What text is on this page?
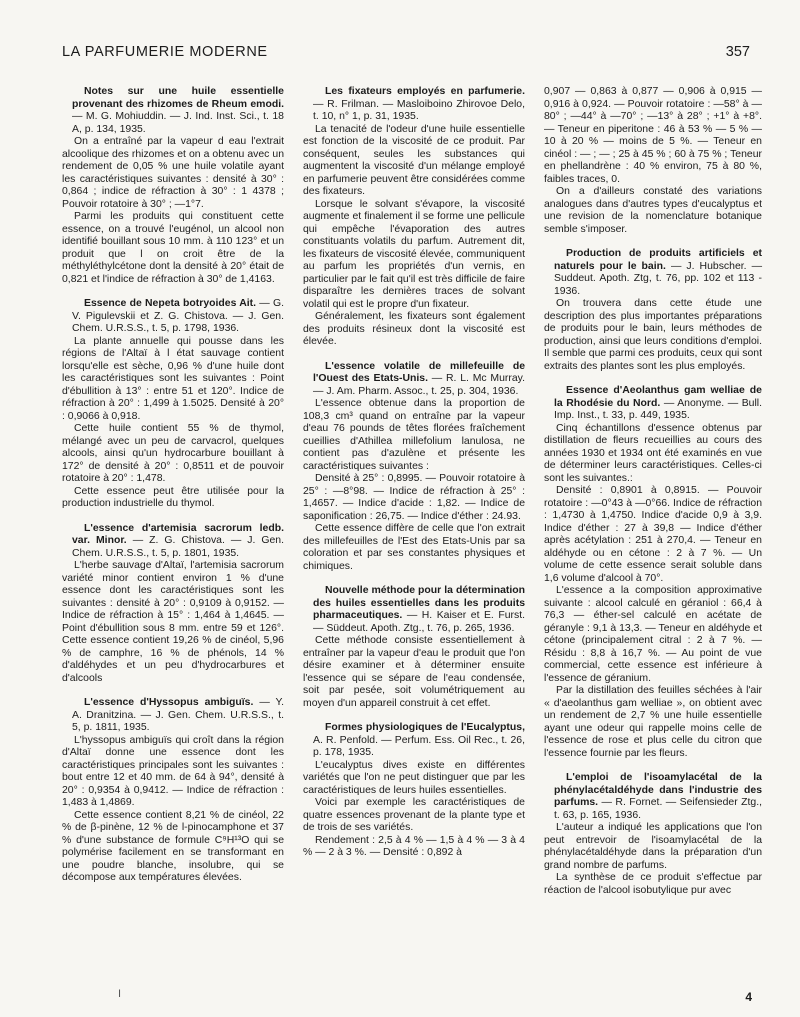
LA PARFUMERIE MODERNE	357

Notes sur une huile essentielle provenant des rhizomes de Rheum emodi. — M. G. Mohiuddin. — J. Ind. Inst. Sci., t. 18 A, p. 134, 1935.

On a entraîné par la vapeur d eau l'extrait alcoolique des rhizomes et on a obtenu avec un rendement de 0,05 % une huile volatile ayant les caractéristiques suivantes : densité à 30° : 0,864 ; indice de réfraction à 30° : 1 4378 ; Pouvoir rotatoire à 30° ; —1°7.

Parmi les produits qui constituent cette essence, on a trouvé l'eugénol, un alcool non identifié bouillant sous 10 mm. à 110 123° et un produit que l on croit être de la méthyléthylcétone dont la densité à 20° était de 0,821 et l'indice de réfraction à 30° de 1,4163.

Essence de Nepeta botryoides Ait. — G. V. Pigulevskii et Z. G. Chistova. — J. Gen. Chem. U.R.S.S., t. 5, p. 1798, 1936.

La plante annuelle qui pousse dans les régions de l'Altaï à l état sauvage contient lorsqu'elle est sèche, 0,96 % d'une huile dont les caractéristiques sont les suivantes : Point d'ébullition à 13° : entre 51 et 120°. Indice de réfraction à 20° : 1,499 à 1.5025. Densité à 20° : 0,9066 à 0,918.

Cette huile contient 55 % de thymol, mélangé avec un peu de carvacrol, quelques alcools, ainsi qu'un hydrocarbure bouillant à 172° de densité à 20° : 0,8511 et de pouvoir rotatoire à 20° : 1,478.

Cette essence peut être utilisée pour la production industrielle du thymol.

L'essence d'artemisia sacrorum ledb. var. Minor. — Z. G. Chistova. — J. Gen. Chem. U.R.S.S., t. 5, p. 1801, 1935.

L'herbe sauvage d'Altaï, l'artemisia sacrorum variété minor contient environ 1 % d'une essence dont les caractéristiques sont les suivantes : densité à 20° : 0,9109 à 0,9152. — Indice de réfraction à 15° : 1,464 à 1,4645. — Point d'ébullition sous 8 mm. entre 59 et 126°. Cette essence contient 19,26 % de cinéol, 5,96 % de camphre, 16 % de phénols, 14 % d'aldéhydes et un peu d'hydrocarbures et d'alcools

L'essence d'Hyssopus ambiguïs. — Y. A. Dranitzina. — J. Gen. Chem. U.R.S.S., t. 5, p. 1811, 1935.

L'hyssopus ambiguïs qui croît dans la région d'Altaï donne une essence dont les caractéristiques principales sont les suivantes : bout entre 12 et 40 mm. de 64 à 94°, densité à 20° : 0,9354 à 0,9412. — Indice de réfraction : 1,483 à 1,4869.

Cette essence contient 8,21 % de cinéol, 22 % de β-pinène, 12 % de l-pinocamphone et 37 % d'une substance de formule C⁹H¹³O qui se polymérise facilement en se transformant en une poudre blanche, insolubre, qui se décompose aux températures élevées.

Les fixateurs employés en parfumerie. — R. Frilman. — Masloiboino Zhirovoe Delo, t. 10, n° 1, p. 31, 1935.

La tenacité de l'odeur d'une huile essentielle est fonction de la viscosité de ce produit. Par conséquent, seules les substances qui augmentent la viscosité d'un mélange employé en parfumerie peuvent être considérées comme des fixateurs.

Lorsque le solvant s'évapore, la viscosité augmente et finalement il se forme une pellicule qui empêche l'évaporation des autres constituants volatils du parfum. Autrement dit, les fixateurs de viscosité élevée, communiquent au parfum les propriétés d'un vernis, en particulier par le fait qu'il est très difficile de faire disparaître les dernières traces de solvant volatil qui est le propre d'un fixateur.

Généralement, les fixateurs sont également des produits résineux dont la viscosité est élevée.

L'essence volatile de millefeuille de l'Ouest des Etats-Unis. — R. L. Mc Murray. — J. Am. Pharm. Assoc., t. 25, p. 304, 1936.

L'essence obtenue dans la proportion de 108,3 cm³ quand on entraîne par la vapeur d'eau 76 pounds de têtes florées fraîchement cueillies d'Athillea millefolium lanulosa, ne contient pas d'azulène et présente les caractéristiques suivantes :

Densité à 25° : 0,8995. — Pouvoir rotatoire à 25° : —8°98. — Indice de réfraction à 25° : 1,4657. — Indice d'acide : 1,82. — Indice de saponification : 26,75. — Indice d'éther : 24.93.

Cette essence diffère de celle que l'on extrait des millefeuilles de l'Est des Etats-Unis par sa coloration et par ses constantes physiques et chimiques.

Nouvelle méthode pour la détermination des huiles essentielles dans les produits pharmaceutiques. — H. Kaiser et E. Furst. — Süddeut. Apoth. Ztg., t. 76, p. 265, 1936.

Cette méthode consiste essentiellement à entraîner par la vapeur d'eau le produit que l'on désire examiner et à déterminer ensuite l'essence qui se sépare de l'eau condensée, soit par pesée, soit volumétriquement au moyen d'un appareil construit à cet effet.

Formes physiologiques de l'Eucalyptus, A. R. Penfold. — Perfum. Ess. Oil Rec., t. 26, p. 178, 1935.

L'eucalyptus dives existe en différentes variétés que l'on ne peut distinguer que par les caractéristiques de leurs huiles essentielles.

Voici par exemple les caractéristiques de quatre essences provenant de la plante type et de trois de ses variétés.

Rendement : 2,5 à 4 % — 1,5 à 4 % — 3 à 4 % — 2 à 3 %. — Densité : 0,892 à

0,907 — 0,863 à 0,877 — 0,906 à 0,915 — 0,916 à 0,924. — Pouvoir rotatoire : —58° à —80° ; —44° à —70° ; —13° à 28° ; +1° à +8°. — Teneur en piperitone : 46 à 53 % — 5 % — 10 à 20 % — moins de 5 %. — Teneur en cinéol : — ; — ; 25 à 45 % ; 60 à 75 % ; Teneur en phellandrène : 40 % environ, 75 à 80 %, faibles traces, 0.

On a d'ailleurs constaté des variations analogues dans d'autres types d'eucalyptus et une revision de la nomenclature botanique semble s'imposer.

Production de produits artificiels et naturels pour le bain. — J. Hubscher. — Suddeut. Apoth. Ztg, t. 76, pp. 102 et 113 - 1936.

On trouvera dans cette étude une description des plus importantes préparations de produits pour le bain, leurs méthodes de production, ainsi que leurs conditions d'emploi. Il semble que parmi ces produits, ceux qui sont extraits des plantes sont les plus employés.

Essence d'Aeolanthus gam welliae de la Rhodésie du Nord. — Anonyme. — Bull. Imp. Inst., t. 33, p. 449, 1935.

Cinq échantillons d'essence obtenus par distillation de fleurs recueillies au cours des années 1930 et 1934 ont été examinés en vue de déterminer leurs caractéristiques. Celles-ci sont les suivantes.:

Densité : 0,8901 à 0,8915. — Pouvoir rotatoire : —0°43 à —0°66. Indice de réfraction : 1,4730 à 1,4750. Indice d'acide 0,9 à 3,9. Indice d'éther : 27 à 39,8 — Indice d'éther après acétylation : 251 à 270,4. — Teneur en aldéhyde ou en cétone : 2 à 7 %. — Un volume de cette essence serait soluble dans 1,6 volume d'alcool à 70°.

L'essence a la composition approximative suivante : alcool calculé en géraniol : 66,4 à 76,3 — éther-sel calculé en acétate de géranyle : 9,1 à 13,3. — Teneur en aldéhyde et cétone (principalement citral : 2 à 7 %. — Résidu : 8,8 à 16,7 %. — Au point de vue commercial, cette essence est inférieure à l'essence de géranium.

Par la distillation des feuilles séchées à l'air « d'aeolanthus gam welliae », on obtient avec un rendement de 2,7 % une huile essentielle ayant une odeur qui rappelle moins celle de l'essence de rose et plus celle du citron que l'essence fournie par les fleurs.

L'emploi de l'isoamylacétal de la phénylacétaldéhyde dans l'industrie des parfums. — R. Fornet. — Seifensieder Ztg., t. 63, p. 165, 1936.

L'auteur a indiqué les applications que l'on peut entrevoir de l'isoamylacétal de la phénylacétaldéhyde dans la préparation d'un grand nombre de parfums.

La synthèse de ce produit s'effectue par réaction de l'alcool isobutylique pur avec

I	4
